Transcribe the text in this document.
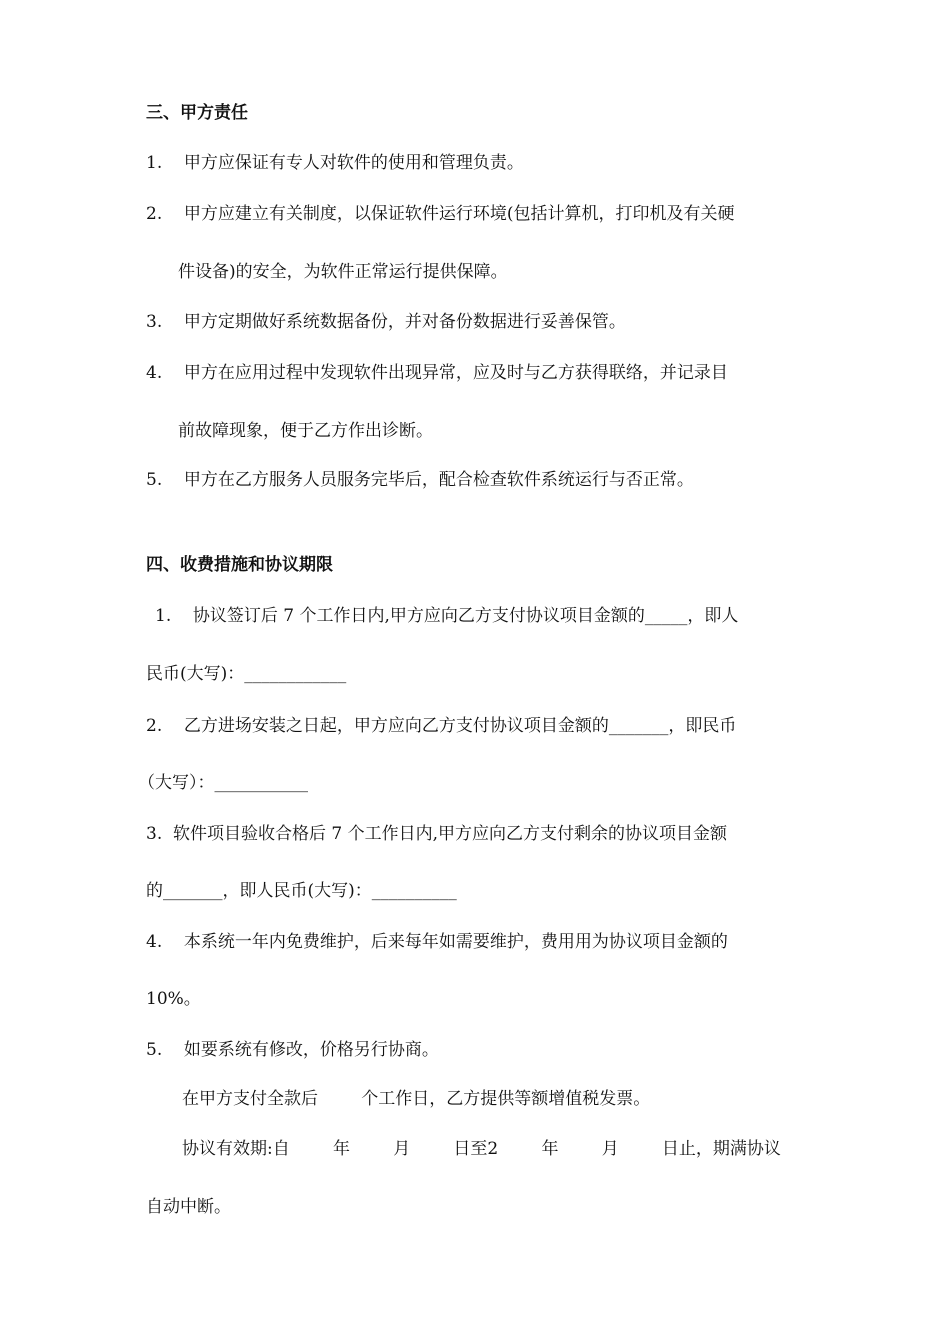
三、甲方责任
1.    甲方应保证有专人对软件的使用和管理负责。
2.    甲方应建立有关制度，以保证软件运行环境(包括计算机，打印机及有关硬
件设备)的安全，为软件正常运行提供保障。
3.    甲方定期做好系统数据备份，并对备份数据进行妥善保管。
4.    甲方在应用过程中发现软件出现异常，应及时与乙方获得联络，并记录目
前故障现象，便于乙方作出诊断。
5.    甲方在乙方服务人员服务完毕后，配合检查软件系统运行与否正常。
四、收费措施和协议期限
1.    协议签订后 7 个工作日内,甲方应向乙方支付协议项目金额的_____，即人
民币(大写)：____________
2.    乙方进场安装之日起，甲方应向乙方支付协议项目金额的_______，即民币
（大写）：___________
3.  软件项目验收合格后 7 个工作日内,甲方应向乙方支付剩余的协议项目金额
的_______，即人民币(大写)：__________
4.    本系统一年内免费维护，后来每年如需要维护，费用用为协议项目金额的
10%。
5.    如要系统有修改，价格另行协商。
在甲方支付全款后        个工作日，乙方提供等额增值税发票。
协议有效期:自        年        月        日至2        年        月        日止，期满协议
自动中断。
